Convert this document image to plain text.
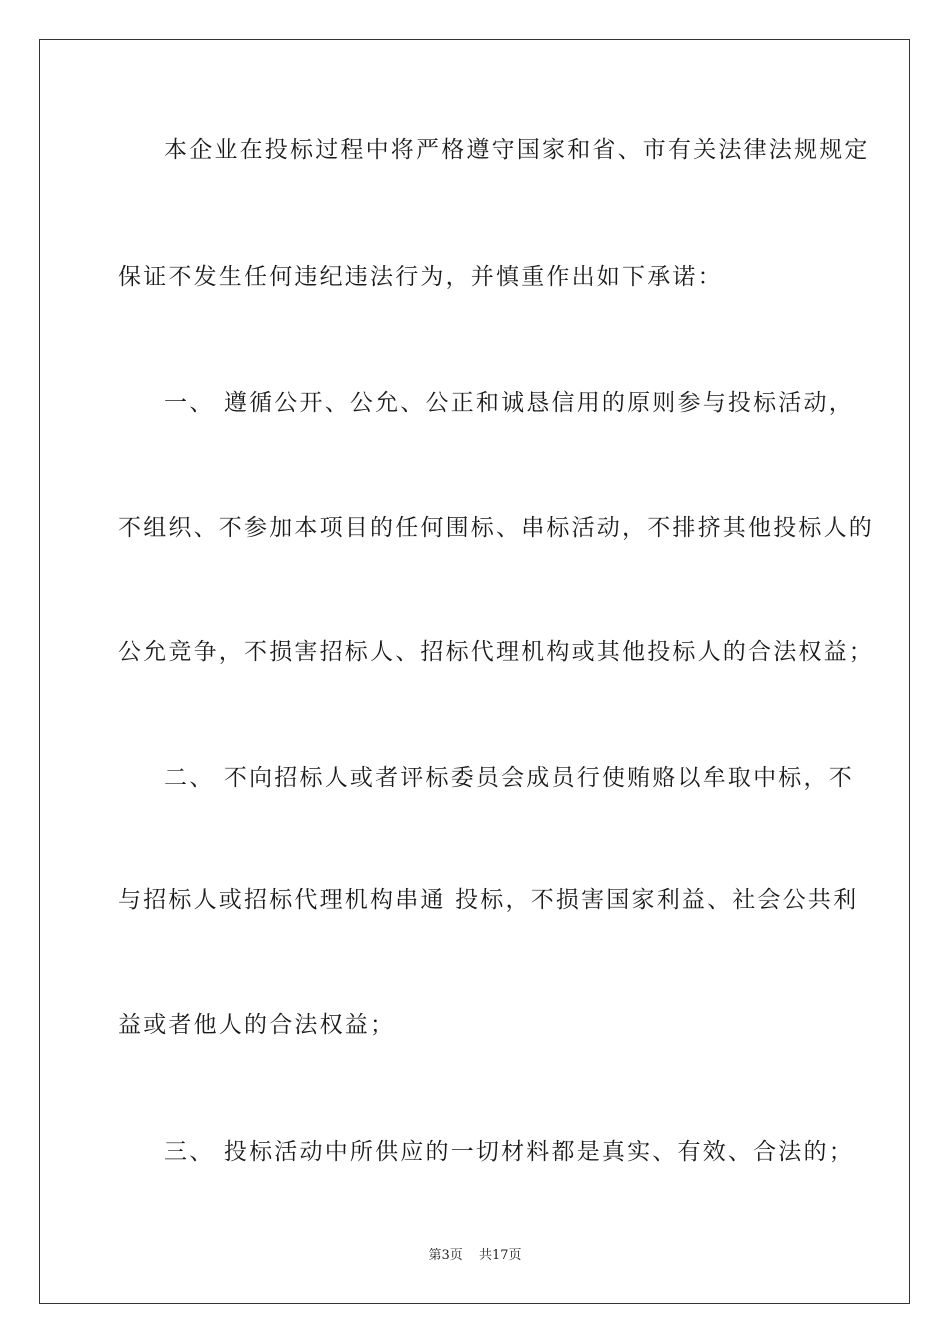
本企业在投标过程中将严格遵守国家和省、市有关法律法规规定
保证不发生任何违纪违法行为，并慎重作出如下承诺：
一、 遵循公开、公允、公正和诚恳信用的原则参与投标活动，
不组织、不参加本项目的任何围标、串标活动，不排挤其他投标人的
公允竞争，不损害招标人、招标代理机构或其他投标人的合法权益；
二、 不向招标人或者评标委员会成员行使贿赂以牟取中标，不
与招标人或招标代理机构串通 投标，不损害国家利益、社会公共利
益或者他人的合法权益；
三、 投标活动中所供应的一切材料都是真实、有效、合法的；
第3页 共17页
